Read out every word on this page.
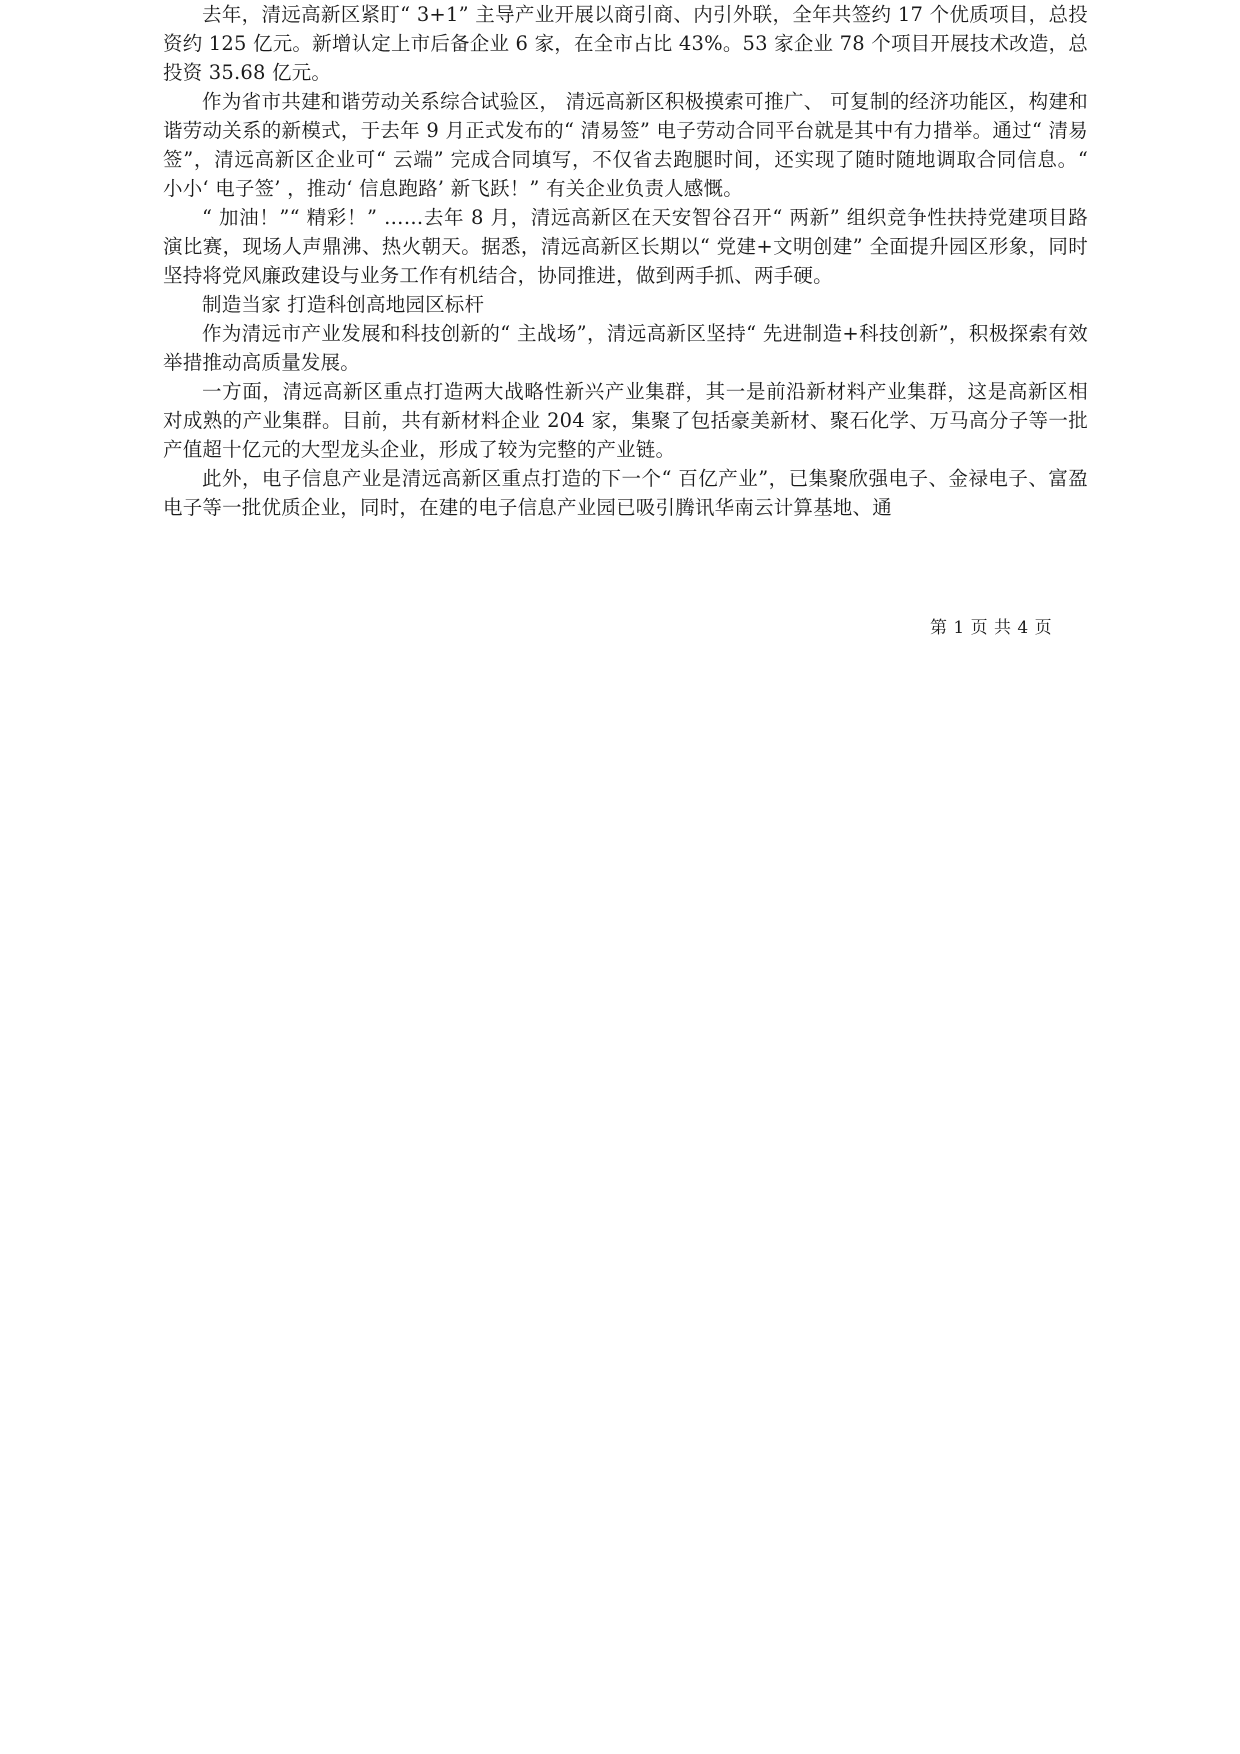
去年，清远高新区紧盯“ 3+1” 主导产业开展以商引商、内引外联，全年共签约 17 个优质项目，总投资约 125 亿元。新增认定上市后备企业 6 家，在全市占比 43%。53 家企业 78 个项目开展技术改造，总投资 35.68 亿元。

作为省市共建和谐劳动关系综合试验区， 清远高新区积极摸索可推广、 可复制的经济功能区，构建和谐劳动关系的新模式，于去年 9 月正式发布的“ 清易签” 电子劳动合同平台就是其中有力措举。通过“ 清易签”，清远高新区企业可“ 云端” 完成合同填写，不仅省去跑腿时间，还实现了随时随地调取合同信息。“ 小小‘ 电子签’ ，推动‘ 信息跑路’ 新飞跃！” 有关企业负责人感慨。

“ 加油！”“ 精彩！” ……去年 8 月，清远高新区在天安智谷召开“ 两新” 组织竞争性扶持党建项目路演比赛，现场人声鼎沸、热火朝天。据悉，清远高新区长期以“ 党建+文明创建” 全面提升园区形象，同时坚持将党风廉政建设与业务工作有机结合，协同推进，做到两手抓、两手硬。

制造当家 打造科创高地园区标杆

作为清远市产业发展和科技创新的“ 主战场”，清远高新区坚持“ 先进制造+科技创新”，积极探索有效举措推动高质量发展。

一方面，清远高新区重点打造两大战略性新兴产业集群，其一是前沿新材料产业集群，这是高新区相对成熟的产业集群。目前，共有新材料企业 204 家，集聚了包括豪美新材、聚石化学、万马高分子等一批产值超十亿元的大型龙头企业，形成了较为完整的产业链。

此外，电子信息产业是清远高新区重点打造的下一个“ 百亿产业”，已集聚欣强电子、金禄电子、富盈电子等一批优质企业，同时，在建的电子信息产业园已吸引腾讯华南云计算基地、通

第 1 页 共 4 页
